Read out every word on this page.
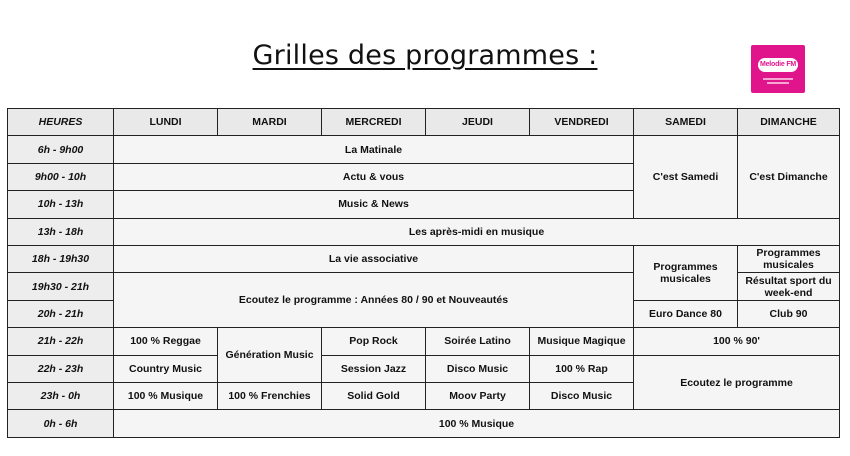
Grilles des programmes :	Melodie FM
HEURES	LUNDI	MARDI	MERCREDI	JEUDI	VENDREDI	SAMEDI	DIMANCHE
6h - 9h00	La Matinale					C'est Samedi	C'est Dimanche
9h00 - 10h	Actu & vous						
10h - 13h	Music & News						
13h - 18h	Les après-midi en musique						
18h - 19h30	La vie associative					Programmes musicales	Programmes musicales
19h30 - 21h	Ecoutez le programme : Années 80 / 90 et Nouveautés						Résultat sport du week-end
20h - 21h						Euro Dance 80	Club 90
21h - 22h	100 % Reggae	Génération Music	Pop Rock	Soirée Latino	Musique Magique	100 % 90'	
22h - 23h	Country Music		Session Jazz	Disco Music	100 % Rap	Ecoutez le programme	
23h - 0h	100 % Musique	100 % Frenchies	Solid Gold	Moov Party	Disco Music		
0h - 6h	100 % Musique						
